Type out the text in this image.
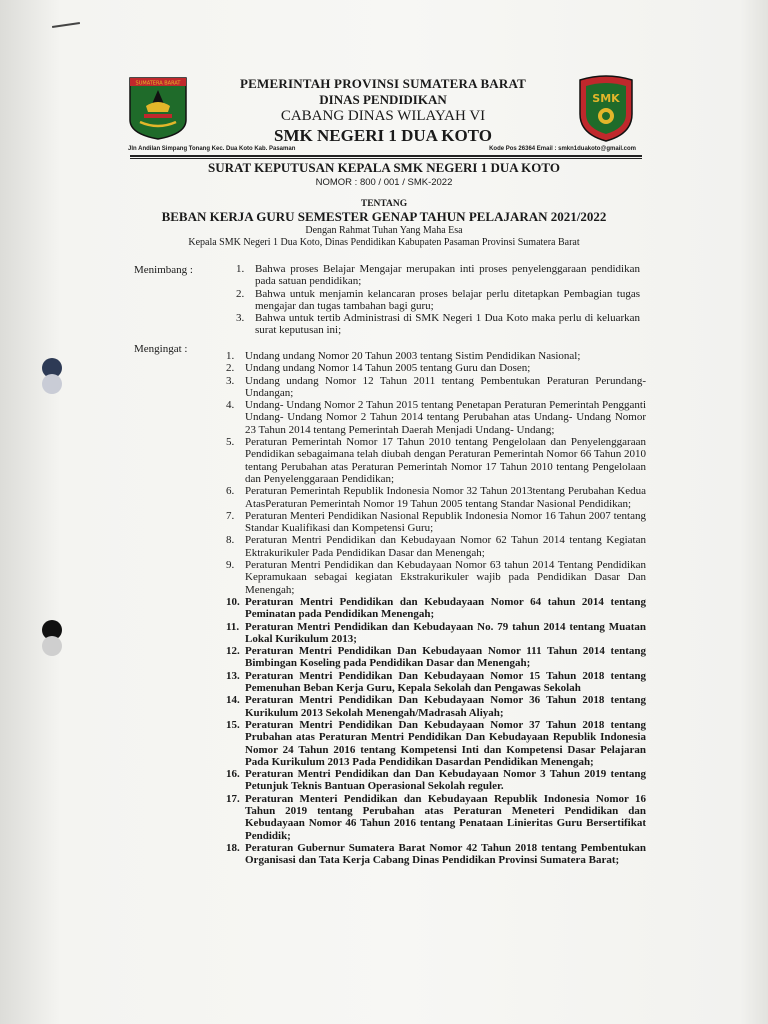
SUMATERA BARAT	PEMERINTAH PROVINSI SUMATERA BARAT
DINAS PENDIDIKAN
CABANG DINAS WILAYAH VI
SMK NEGERI 1 DUA KOTO
SMK
Jln Andilan Simpang Tonang Kec. Dua Koto Kab. Pasaman	Kode Pos 26364 Email : smkn1duakoto@gmail.com
SURAT KEPUTUSAN KEPALA SMK NEGERI 1 DUA KOTO
NOMOR : 800 / 001 / SMK-2022
TENTANG
BEBAN KERJA GURU SEMESTER GENAP TAHUN PELAJARAN 2021/2022
Dengan Rahmat Tuhan Yang Maha Esa
Kepala SMK Negeri 1 Dua Koto, Dinas Pendidikan Kabupaten Pasaman Provinsi Sumatera Barat
Menimbang :	1. Bahwa proses Belajar Mengajar merupakan inti proses penyelenggaraan pendidikan pada satuan pendidikan;
2. Bahwa untuk menjamin kelancaran proses belajar perlu ditetapkan Pembagian tugas mengajar dan tugas tambahan bagi guru;
3. Bahwa untuk tertib Administrasi di SMK Negeri 1 Dua Koto maka perlu di keluarkan surat keputusan ini;
Mengingat :
1. Undang undang Nomor 20 Tahun 2003 tentang Sistim Pendidikan Nasional;
2. Undang undang Nomor 14 Tahun 2005 tentang Guru dan Dosen;
3. Undang undang Nomor 12 Tahun 2011 tentang Pembentukan Peraturan Perundang- Undangan;
4. Undang- Undang Nomor 2 Tahun 2015 tentang Penetapan Peraturan Pemerintah Pengganti Undang- Undang Nomor 2 Tahun 2014 tentang Perubahan atas Undang- Undang Nomor 23 Tahun 2014 tentang Pemerintah Daerah Menjadi Undang- Undang;
5. Peraturan Pemerintah Nomor 17 Tahun 2010 tentang Pengelolaan dan Penyelenggaraan Pendidikan sebagaimana telah diubah dengan Peraturan Pemerintah Nomor 66 Tahun 2010 tentang Perubahan atas Peraturan Pemerintah Nomor 17 Tahun 2010 tentang Pengelolaan dan Penyelenggaraan Pendidikan;
6. Peraturan Pemerintah Republik Indonesia Nomor 32 Tahun 2013tentang Perubahan Kedua AtasPeraturan Pemerintah Nomor 19 Tahun 2005 tentang Standar Nasional Pendidikan;
7. Peraturan Menteri Pendidikan Nasional Republik Indonesia Nomor 16 Tahun 2007 tentang Standar Kualifikasi dan Kompetensi Guru;
8. Peraturan Mentri Pendidikan dan Kebudayaan Nomor 62 Tahun 2014 tentang Kegiatan Ektrakurikuler Pada Pendidikan Dasar dan Menengah;
9. Peraturan Mentri Pendidikan dan Kebudayaan Nomor 63 tahun 2014 Tentang Pendidikan Kepramukaan sebagai kegiatan Ekstrakurikuler wajib pada Pendidikan Dasar Dan Menengah;
10. Peraturan Mentri Pendidikan dan Kebudayaan Nomor 64 tahun 2014 tentang Peminatan pada Pendidikan Menengah;
11. Peraturan Mentri Pendidikan dan Kebudayaan No. 79 tahun 2014 tentang Muatan Lokal Kurikulum 2013;
12. Peraturan Mentri Pendidikan Dan Kebudayaan Nomor 111 Tahun 2014 tentang Bimbingan Koseling pada Pendidikan Dasar dan Menengah;
13. Peraturan Mentri Pendidikan Dan Kebudayaan Nomor 15 Tahun 2018 tentang Pemenuhan Beban Kerja Guru, Kepala Sekolah dan Pengawas Sekolah
14. Peraturan Mentri Pendidikan Dan Kebudayaan Nomor 36 Tahun 2018 tentang Kurikulum 2013 Sekolah Menengah/Madrasah Aliyah;
15. Peraturan Mentri Pendidikan Dan Kebudayaan Nomor 37 Tahun 2018 tentang Prubahan atas Peraturan Mentri Pendidikan Dan Kebudayaan Republik Indonesia Nomor 24 Tahun 2016 tentang Kompetensi Inti dan Kompetensi Dasar Pelajaran Pada Kurikulum 2013 Pada Pendidikan Dasardan Pendidikan Menengah;
16. Peraturan Mentri Pendidikan dan Dan Kebudayaan Nomor 3 Tahun 2019 tentang Petunjuk Teknis Bantuan Operasional Sekolah reguler.
17. Peraturan Menteri Pendidikan dan Kebudayaan Republik Indonesia Nomor 16 Tahun 2019 tentang Perubahan atas Peraturan Meneteri Pendidikan dan Kebudayaan Nomor 46 Tahun 2016 tentang Penataan Linieritas Guru Bersertifikat Pendidik;
18. Peraturan Gubernur Sumatera Barat Nomor 42 Tahun 2018 tentang Pembentukan Organisasi dan Tata Kerja Cabang Dinas Pendidikan Provinsi Sumatera Barat;
